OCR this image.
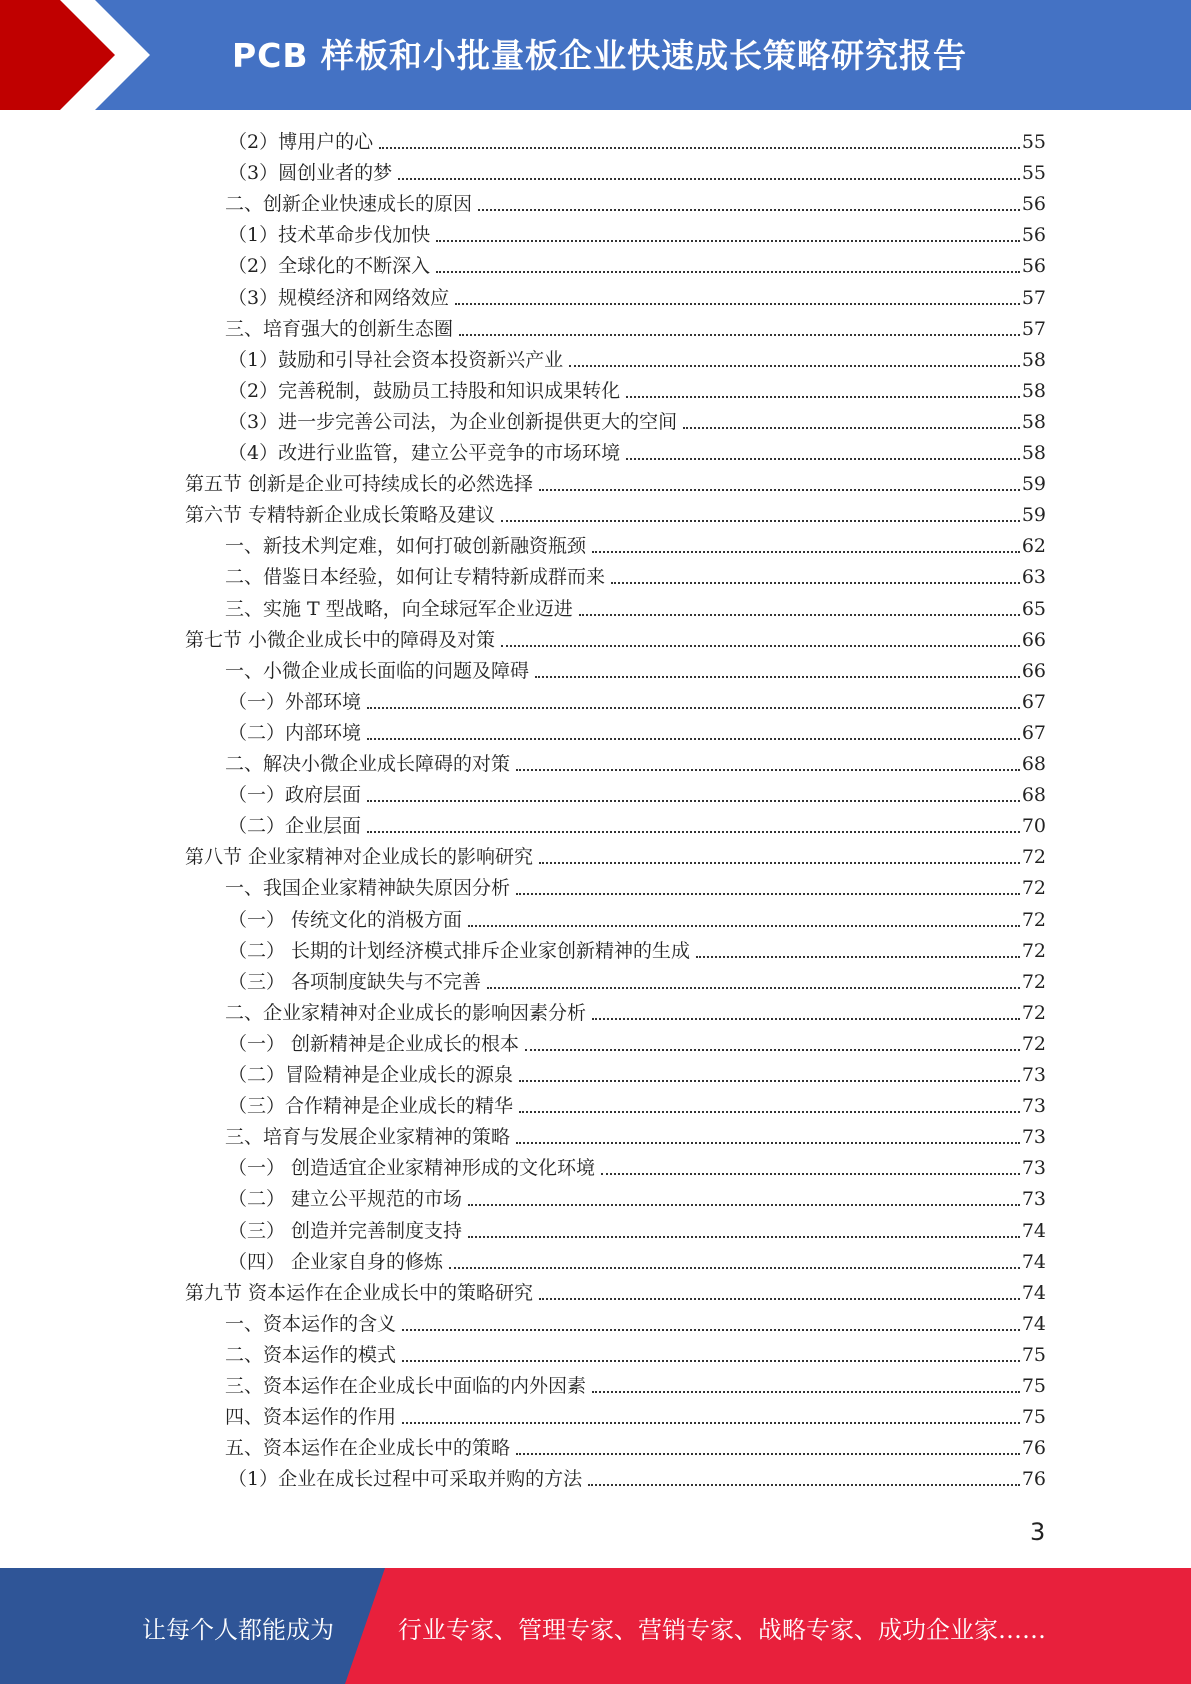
PCB 样板和小批量板企业快速成长策略研究报告
（2）博用户的心	55
（3）圆创业者的梦	55
二、创新企业快速成长的原因	56
（1）技术革命步伐加快	56
（2）全球化的不断深入	56
（3）规模经济和网络效应	57
三、培育强大的创新生态圈	57
（1）鼓励和引导社会资本投资新兴产业	58
（2）完善税制，鼓励员工持股和知识成果转化	58
（3）进一步完善公司法，为企业创新提供更大的空间	58
（4）改进行业监管，建立公平竞争的市场环境	58
第五节 创新是企业可持续成长的必然选择	59
第六节 专精特新企业成长策略及建议	59
一、新技术判定难，如何打破创新融资瓶颈	62
二、借鉴日本经验，如何让专精特新成群而来	63
三、实施 T 型战略，向全球冠军企业迈进	65
第七节 小微企业成长中的障碍及对策	66
一、小微企业成长面临的问题及障碍	66
（一）外部环境	67
（二）内部环境	67
二、解决小微企业成长障碍的对策	68
（一）政府层面	68
（二）企业层面	70
第八节 企业家精神对企业成长的影响研究	72
一、我国企业家精神缺失原因分析	72
（一） 传统文化的消极方面	72
（二） 长期的计划经济模式排斥企业家创新精神的生成	72
（三） 各项制度缺失与不完善	72
二、企业家精神对企业成长的影响因素分析	72
（一） 创新精神是企业成长的根本	72
（二）冒险精神是企业成长的源泉	73
（三）合作精神是企业成长的精华	73
三、培育与发展企业家精神的策略	73
（一） 创造适宜企业家精神形成的文化环境	73
（二） 建立公平规范的市场	73
（三） 创造并完善制度支持	74
（四） 企业家自身的修炼	74
第九节 资本运作在企业成长中的策略研究	74
一、资本运作的含义	74
二、资本运作的模式	75
三、资本运作在企业成长中面临的内外因素	75
四、资本运作的作用	75
五、资本运作在企业成长中的策略	76
（1）企业在成长过程中可采取并购的方法	76
3
让每个人都能成为	行业专家、管理专家、营销专家、战略专家、成功企业家……
